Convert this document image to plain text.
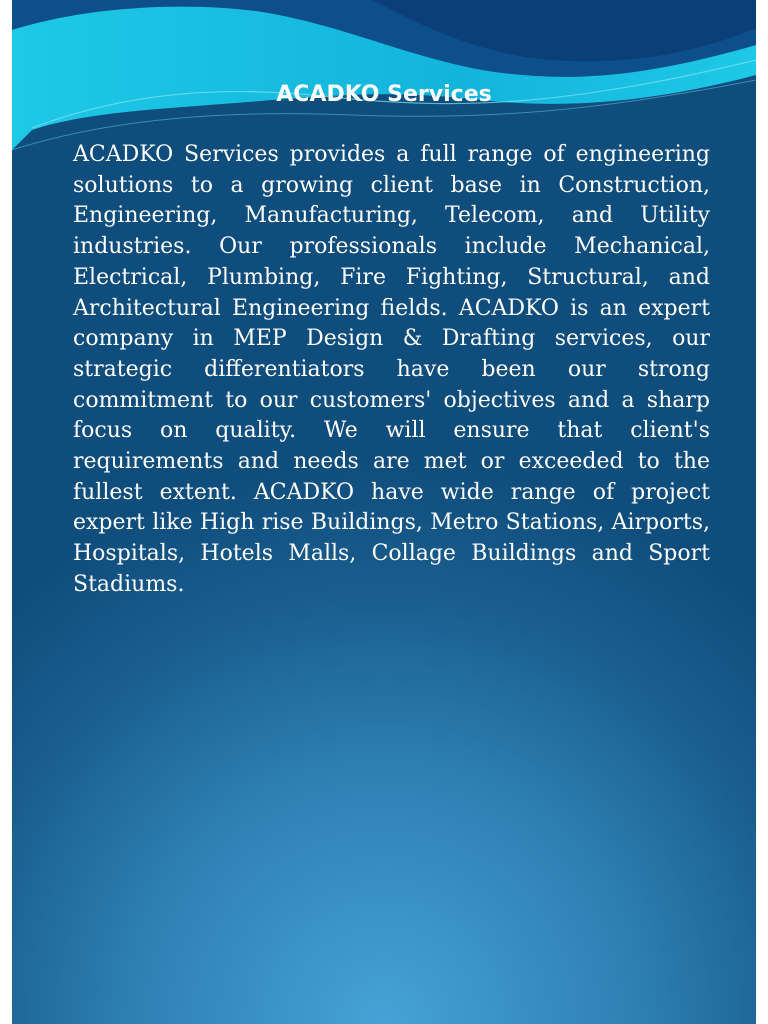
ACADKO Services

ACADKO Services provides a full range of engineering solutions to a growing client base in Construction, Engineering, Manufacturing, Telecom, and Utility industries. Our professionals include Mechanical, Electrical, Plumbing, Fire Fighting, Structural, and Architectural Engineering fields. ACADKO is an expert company in MEP Design & Drafting services, our strategic differentiators have been our strong commitment to our customers' objectives and a sharp focus on quality. We will ensure that client's requirements and needs are met or exceeded to the fullest extent. ACADKO have wide range of project expert like High rise Buildings, Metro Stations, Airports, Hospitals, Hotels Malls, Collage Buildings and Sport Stadiums.
